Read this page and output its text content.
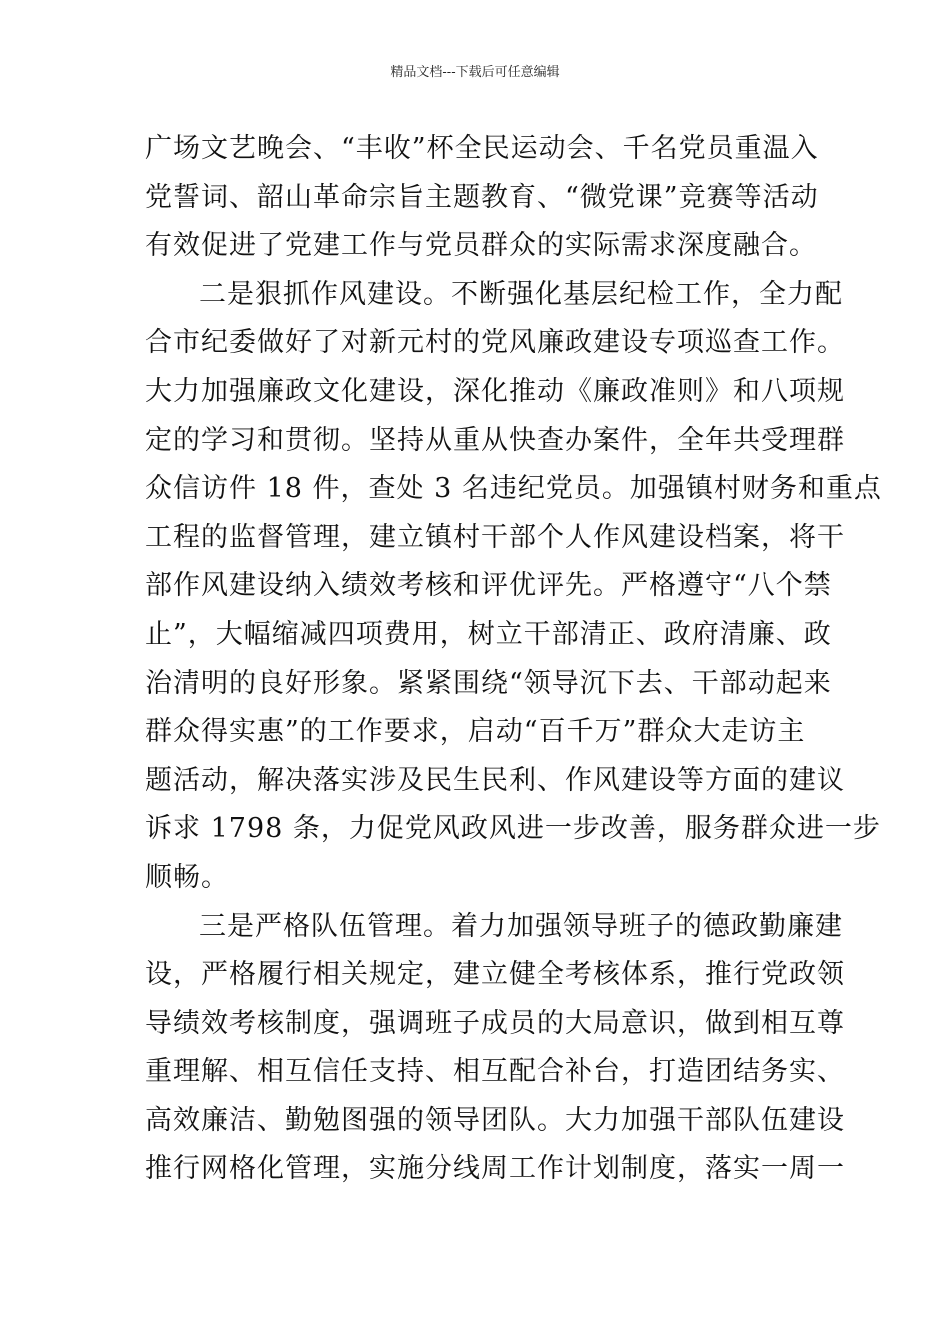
精品文档---下载后可任意编辑
广场文艺晚会、“丰收”杯全民运动会、千名党员重温入
党誓词、韶山革命宗旨主题教育、“微党课”竞赛等活动
有效促进了党建工作与党员群众的实际需求深度融合。
二是狠抓作风建设。不断强化基层纪检工作，全力配
合市纪委做好了对新元村的党风廉政建设专项巡查工作。
大力加强廉政文化建设，深化推动《廉政准则》和八项规
定的学习和贯彻。坚持从重从快查办案件，全年共受理群
众信访件 18 件，查处 3 名违纪党员。加强镇村财务和重点
工程的监督管理，建立镇村干部个人作风建设档案，将干
部作风建设纳入绩效考核和评优评先。严格遵守“八个禁
止”，大幅缩减四项费用，树立干部清正、政府清廉、政
治清明的良好形象。紧紧围绕“领导沉下去、干部动起来
群众得实惠”的工作要求，启动“百千万”群众大走访主
题活动，解决落实涉及民生民利、作风建设等方面的建议
诉求 1798 条，力促党风政风进一步改善，服务群众进一步
顺畅。
三是严格队伍管理。着力加强领导班子的德政勤廉建
设，严格履行相关规定，建立健全考核体系，推行党政领
导绩效考核制度，强调班子成员的大局意识，做到相互尊
重理解、相互信任支持、相互配合补台，打造团结务实、
高效廉洁、勤勉图强的领导团队。大力加强干部队伍建设
推行网格化管理，实施分线周工作计划制度，落实一周一
